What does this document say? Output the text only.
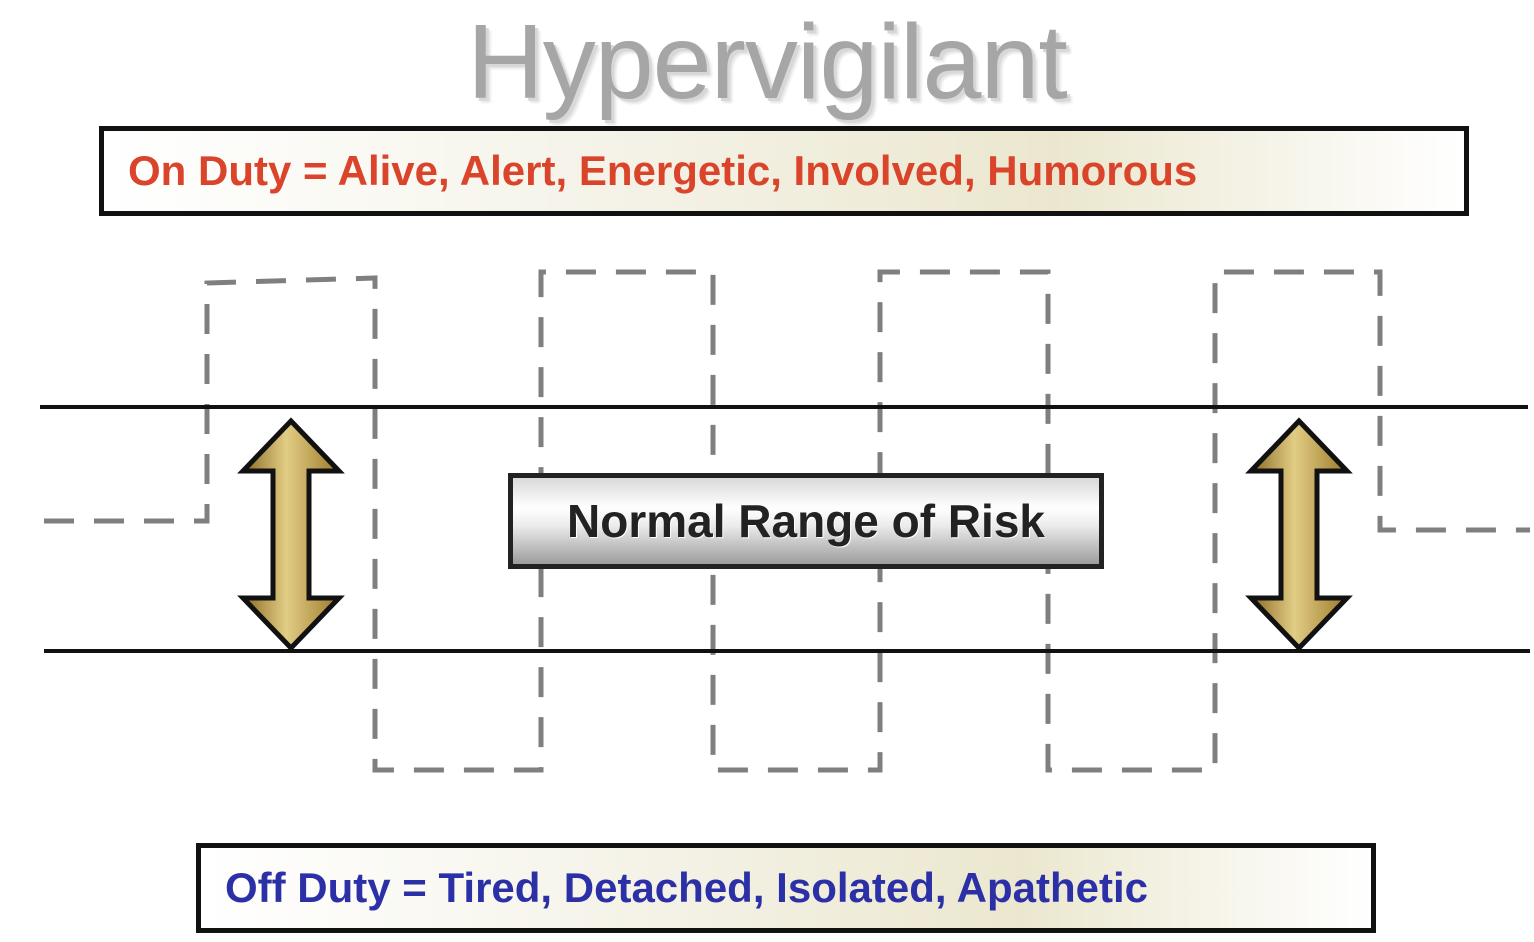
Hypervigilant
On Duty = Alive, Alert, Energetic, Involved, Humorous
Normal Range of Risk
Off Duty = Tired, Detached, Isolated, Apathetic
